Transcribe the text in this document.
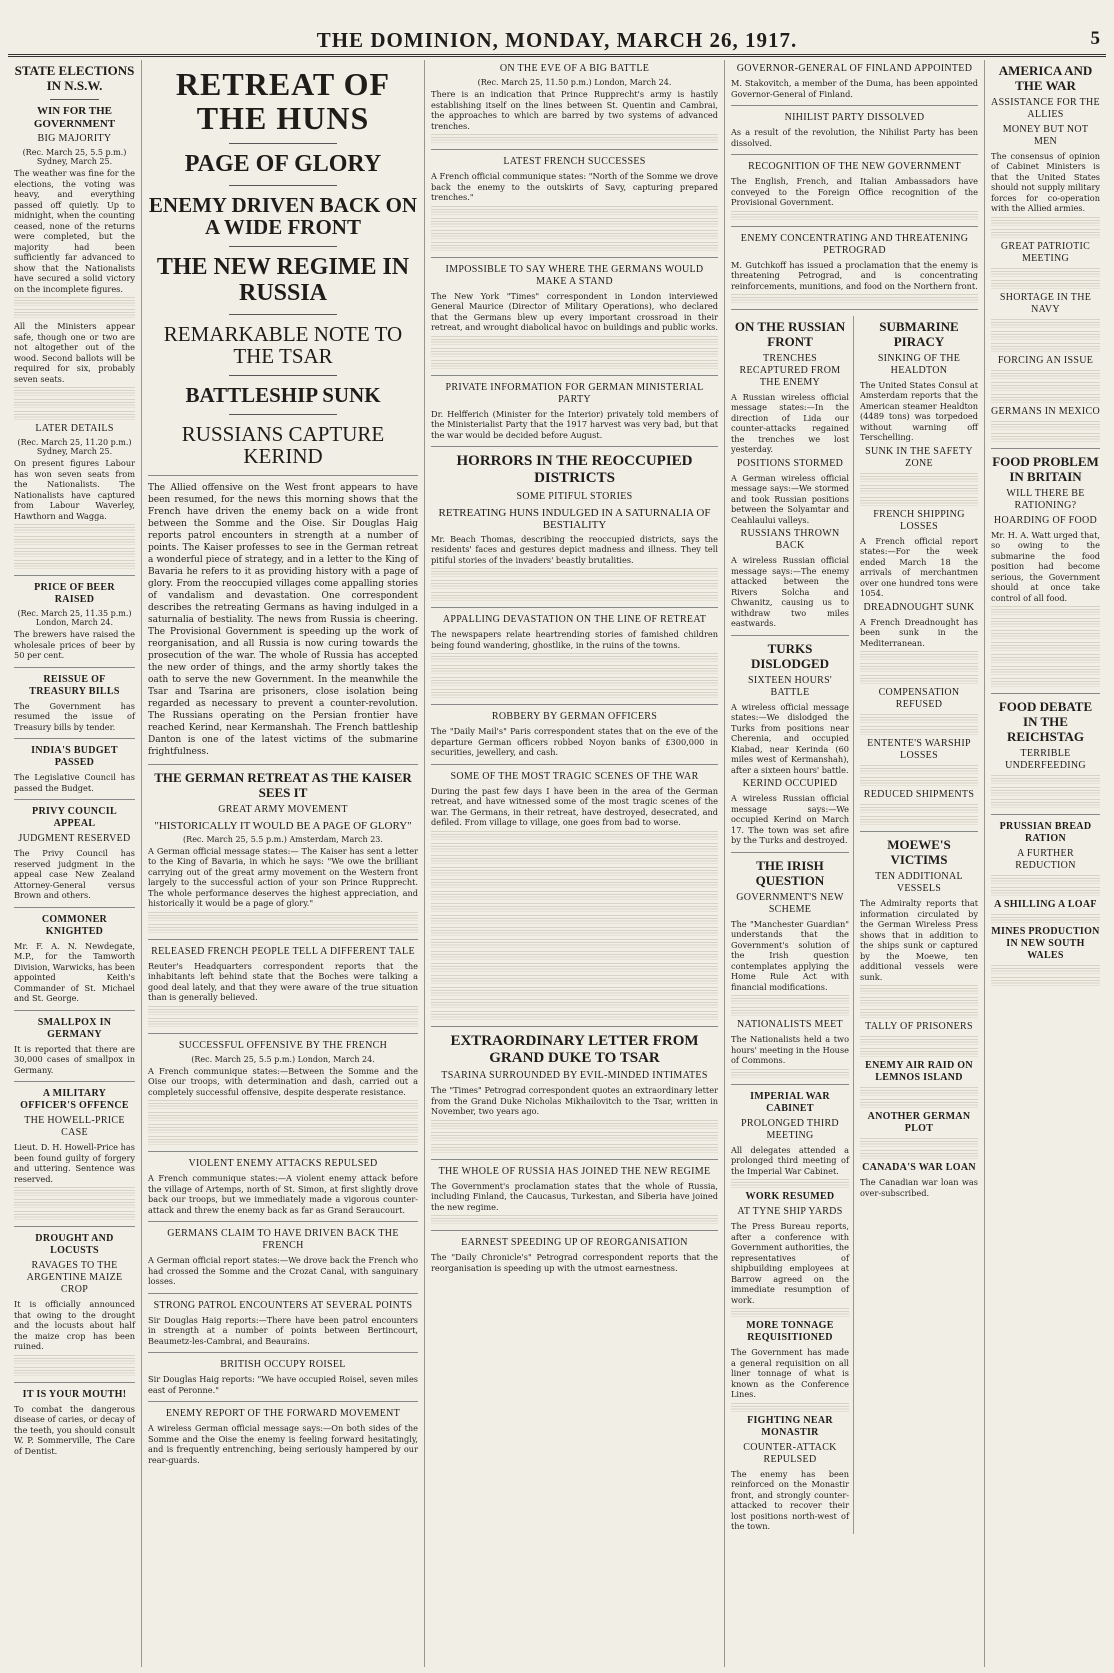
THE DOMINION, MONDAY, MARCH 26, 1917.	5
STATE ELECTIONS IN N.S.W.
WIN FOR THE GOVERNMENT
BIG MAJORITY
(Rec. March 25, 5.5 p.m.) Sydney, March 25.
The weather was fine for the elections, the voting was heavy, and everything passed off quietly. Up to midnight, when the counting ceased, none of the returns were completed, but the majority had been sufficiently far advanced to show that the Nationalists have secured a solid victory on the incomplete figures.
All the Ministers appear safe, though one or two are not altogether out of the wood. Second ballots will be required for six, probably seven seats.
LATER DETAILS
(Rec. March 25, 11.20 p.m.) Sydney, March 25.
On present figures Labour has won seven seats from the Nationalists. The Nationalists have captured from Labour Waverley, Hawthorn and Wagga.
PRICE OF BEER RAISED
(Rec. March 25, 11.35 p.m.) London, March 24.
The brewers have raised the wholesale prices of beer by 50 per cent.
REISSUE OF TREASURY BILLS
The Government has resumed the issue of Treasury bills by tender.
INDIA'S BUDGET PASSED
The Legislative Council has passed the Budget.
PRIVY COUNCIL APPEAL
JUDGMENT RESERVED
The Privy Council has reserved judgment in the appeal case New Zealand Attorney-General versus Brown and others.
COMMONER KNIGHTED
Mr. F. A. N. Newdegate, M.P., for the Tamworth Division, Warwicks, has been appointed Keith's Commander of St. Michael and St. George.
SMALLPOX IN GERMANY
It is reported that there are 30,000 cases of smallpox in Germany.
A MILITARY OFFICER'S OFFENCE
THE HOWELL-PRICE CASE
Lieut. D. H. Howell-Price has been found guilty of forgery and uttering. Sentence was reserved.
DROUGHT AND LOCUSTS
RAVAGES TO THE ARGENTINE MAIZE CROP
It is officially announced that owing to the drought and the locusts about half the maize crop has been ruined.
IT IS YOUR MOUTH!
To combat the dangerous disease of caries, or decay of the teeth, you should consult W. P. Sommerville, The Care of Dentist.
RETREAT OF THE HUNS
PAGE OF GLORY
ENEMY DRIVEN BACK ON A WIDE FRONT
THE NEW REGIME IN RUSSIA
REMARKABLE NOTE TO THE TSAR
BATTLESHIP SUNK
RUSSIANS CAPTURE KERIND
The Allied offensive on the West front appears to have been resumed, for the news this morning shows that the French have driven the enemy back on a wide front between the Somme and the Oise. Sir Douglas Haig reports patrol encounters in strength at a number of points. The Kaiser professes to see in the German retreat a wonderful piece of strategy, and in a letter to the King of Bavaria he refers to it as providing history with a page of glory. From the reoccupied villages come appalling stories of vandalism and devastation. One correspondent describes the retreating Germans as having indulged in a saturnalia of bestiality. The news from Russia is cheering. The Provisional Government is speeding up the work of reorganisation, and all Russia is now curing towards the prosecution of the war. The whole of Russia has accepted the new order of things, and the army shortly takes the oath to serve the new Government. In the meanwhile the Tsar and Tsarina are prisoners, close isolation being regarded as necessary to prevent a counter-revolution. The Russians operating on the Persian frontier have reached Kerind, near Kermanshah. The French battleship Danton is one of the latest victims of the submarine frightfulness.
THE GERMAN RETREAT AS THE KAISER SEES IT
GREAT ARMY MOVEMENT
"HISTORICALLY IT WOULD BE A PAGE OF GLORY"
(Rec. March 25, 5.5 p.m.) Amsterdam, March 23.
A German official message states:— The Kaiser has sent a letter to the King of Bavaria, in which he says: "We owe the brilliant carrying out of the great army movement on the Western front largely to the successful action of your son Prince Rupprecht. The whole performance deserves the highest appreciation, and historically it would be a page of glory."
RELEASED FRENCH PEOPLE TELL A DIFFERENT TALE
Reuter's Headquarters correspondent reports that the inhabitants left behind state that the Boches were talking a good deal lately, and that they were aware of the true situation than is generally believed.
SUCCESSFUL OFFENSIVE BY THE FRENCH
(Rec. March 25, 5.5 p.m.) London, March 24.
A French communique states:—Between the Somme and the Oise our troops, with determination and dash, carried out a completely successful offensive, despite desperate resistance.
VIOLENT ENEMY ATTACKS REPULSED
A French communique states:—A violent enemy attack before the village of Artemps, north of St. Simon, at first slightly drove back our troops, but we immediately made a vigorous counter-attack and threw the enemy back as far as Grand Seraucourt.
GERMANS CLAIM TO HAVE DRIVEN BACK THE FRENCH
A German official report states:—We drove back the French who had crossed the Somme and the Crozat Canal, with sanguinary losses.
STRONG PATROL ENCOUNTERS AT SEVERAL POINTS
Sir Douglas Haig reports:—There have been patrol encounters in strength at a number of points between Bertincourt, Beaumetz-les-Cambrai, and Beaurains.
BRITISH OCCUPY ROISEL
Sir Douglas Haig reports: "We have occupied Roisel, seven miles east of Peronne."
ENEMY REPORT OF THE FORWARD MOVEMENT
A wireless German official message says:—On both sides of the Somme and the Oise the enemy is feeling forward hesitatingly, and is frequently entrenching, being seriously hampered by our rear-guards.
ON THE EVE OF A BIG BATTLE
(Rec. March 25, 11.50 p.m.) London, March 24.
There is an indication that Prince Rupprecht's army is hastily establishing itself on the lines between St. Quentin and Cambrai, the approaches to which are barred by two systems of advanced trenches.
LATEST FRENCH SUCCESSES
A French official communique states: "North of the Somme we drove back the enemy to the outskirts of Savy, capturing prepared trenches."
IMPOSSIBLE TO SAY WHERE THE GERMANS WOULD MAKE A STAND
The New York "Times" correspondent in London interviewed General Maurice (Director of Military Operations), who declared that the Germans blew up every important crossroad in their retreat, and wrought diabolical havoc on buildings and public works.
PRIVATE INFORMATION FOR GERMAN MINISTERIAL PARTY
Dr. Helfferich (Minister for the Interior) privately told members of the Ministerialist Party that the 1917 harvest was very bad, but that the war would be decided before August.
HORRORS IN THE REOCCUPIED DISTRICTS
SOME PITIFUL STORIES
RETREATING HUNS INDULGED IN A SATURNALIA OF BESTIALITY
Mr. Beach Thomas, describing the reoccupied districts, says the residents' faces and gestures depict madness and illness. They tell pitiful stories of the invaders' beastly brutalities.
APPALLING DEVASTATION ON THE LINE OF RETREAT
The newspapers relate heartrending stories of famished children being found wandering, ghostlike, in the ruins of the towns.
ROBBERY BY GERMAN OFFICERS
The "Daily Mail's" Paris correspondent states that on the eve of the departure German officers robbed Noyon banks of £300,000 in securities, jewellery, and cash.
SOME OF THE MOST TRAGIC SCENES OF THE WAR
During the past few days I have been in the area of the German retreat, and have witnessed some of the most tragic scenes of the war. The Germans, in their retreat, have destroyed, desecrated, and defiled. From village to village, one goes from bad to worse.
EXTRAORDINARY LETTER FROM GRAND DUKE TO TSAR
TSARINA SURROUNDED BY EVIL-MINDED INTIMATES
The "Times" Petrograd correspondent quotes an extraordinary letter from the Grand Duke Nicholas Mikhailovitch to the Tsar, written in November, two years ago.
THE WHOLE OF RUSSIA HAS JOINED THE NEW REGIME
The Government's proclamation states that the whole of Russia, including Finland, the Caucasus, Turkestan, and Siberia have joined the new regime.
EARNEST SPEEDING UP OF REORGANISATION
The "Daily Chronicle's" Petrograd correspondent reports that the reorganisation is speeding up with the utmost earnestness.
GOVERNOR-GENERAL OF FINLAND APPOINTED
M. Stakovitch, a member of the Duma, has been appointed Governor-General of Finland.
NIHILIST PARTY DISSOLVED
As a result of the revolution, the Nihilist Party has been dissolved.
RECOGNITION OF THE NEW GOVERNMENT
The English, French, and Italian Ambassadors have conveyed to the Foreign Office recognition of the Provisional Government.
ENEMY CONCENTRATING AND THREATENING PETROGRAD
M. Gutchkoff has issued a proclamation that the enemy is threatening Petrograd, and is concentrating reinforcements, munitions, and food on the Northern front.
ON THE RUSSIAN FRONT
TRENCHES RECAPTURED FROM THE ENEMY
A Russian wireless official message states:—In the direction of Lida our counter-attacks regained the trenches we lost yesterday.
POSITIONS STORMED
A German wireless official message says:—We stormed and took Russian positions between the Solyamtar and Ceahlaului valleys.
RUSSIANS THROWN BACK
A wireless Russian official message says:—The enemy attacked between the Rivers Solcha and Chwanitz, causing us to withdraw two miles eastwards.
TURKS DISLODGED
SIXTEEN HOURS' BATTLE
A wireless official message states:—We dislodged the Turks from positions near Cherenia, and occupied Kiabad, near Kerinda (60 miles west of Kermanshah), after a sixteen hours' battle.
KERIND OCCUPIED
A wireless Russian official message says:—We occupied Kerind on March 17. The town was set afire by the Turks and destroyed.
THE IRISH QUESTION
GOVERNMENT'S NEW SCHEME
The "Manchester Guardian" understands that the Government's solution of the Irish question contemplates applying the Home Rule Act with financial modifications.
NATIONALISTS MEET
The Nationalists held a two hours' meeting in the House of Commons.
IMPERIAL WAR CABINET
PROLONGED THIRD MEETING
All delegates attended a prolonged third meeting of the Imperial War Cabinet.
WORK RESUMED
AT TYNE SHIP YARDS
The Press Bureau reports, after a conference with Government authorities, the representatives of shipbuilding employees at Barrow agreed on the immediate resumption of work.
MORE TONNAGE REQUISITIONED
The Government has made a general requisition on all liner tonnage of what is known as the Conference Lines.
FIGHTING NEAR MONASTIR
COUNTER-ATTACK REPULSED
The enemy has been reinforced on the Monastir front, and strongly counter-attacked to recover their lost positions north-west of the town.
SUBMARINE PIRACY
SINKING OF THE HEALDTON
The United States Consul at Amsterdam reports that the American steamer Healdton (4489 tons) was torpedoed without warning off Terschelling.
SUNK IN THE SAFETY ZONE
FRENCH SHIPPING LOSSES
A French official report states:—For the week ended March 18 the arrivals of merchantmen over one hundred tons were 1054.
DREADNOUGHT SUNK
A French Dreadnought has been sunk in the Mediterranean.
COMPENSATION REFUSED
ENTENTE'S WARSHIP LOSSES
REDUCED SHIPMENTS
MOEWE'S VICTIMS
TEN ADDITIONAL VESSELS
The Admiralty reports that information circulated by the German Wireless Press shows that in addition to the ships sunk or captured by the Moewe, ten additional vessels were sunk.
TALLY OF PRISONERS
ENEMY AIR RAID ON LEMNOS ISLAND
ANOTHER GERMAN PLOT
CANADA'S WAR LOAN
The Canadian war loan was over-subscribed.
AMERICA AND THE WAR
ASSISTANCE FOR THE ALLIES
MONEY BUT NOT MEN
The consensus of opinion of Cabinet Ministers is that the United States should not supply military forces for co-operation with the Allied armies.
GREAT PATRIOTIC MEETING
SHORTAGE IN THE NAVY
FORCING AN ISSUE
GERMANS IN MEXICO
FOOD PROBLEM IN BRITAIN
WILL THERE BE RATIONING?
HOARDING OF FOOD
Mr. H. A. Watt urged that, so owing to the submarine the food position had become serious, the Government should at once take control of all food.
FOOD DEBATE IN THE REICHSTAG
TERRIBLE UNDERFEEDING
PRUSSIAN BREAD RATION
A FURTHER REDUCTION
A SHILLING A LOAF
MINES PRODUCTION IN NEW SOUTH WALES
